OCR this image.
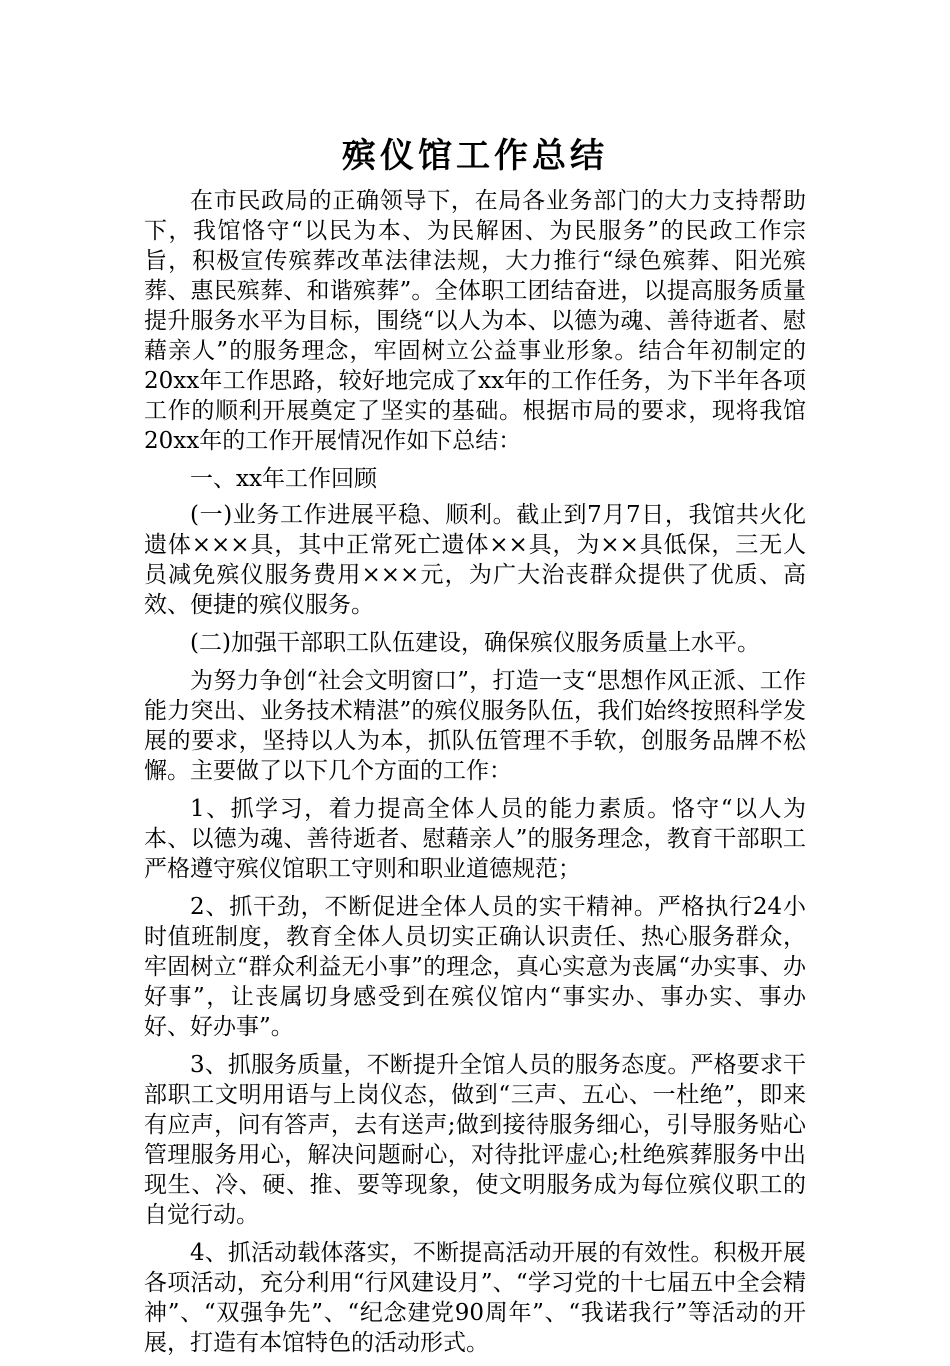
殡仪馆工作总结

在市民政局的正确领导下，在局各业务部门的大力支持帮助下，我馆恪守“以民为本、为民解困、为民服务”的民政工作宗旨，积极宣传殡葬改革法律法规，大力推行“绿色殡葬、阳光殡葬、惠民殡葬、和谐殡葬”。全体职工团结奋进，以提高服务质量提升服务水平为目标，围绕“以人为本、以德为魂、善待逝者、慰藉亲人”的服务理念，牢固树立公益事业形象。结合年初制定的20xx年工作思路，较好地完成了xx年的工作任务，为下半年各项工作的顺利开展奠定了坚实的基础。根据市局的要求，现将我馆20xx年的工作开展情况作如下总结：

一、xx年工作回顾

(一)业务工作进展平稳、顺利。截止到7月7日，我馆共火化遗体×××具，其中正常死亡遗体××具，为××具低保，三无人员减免殡仪服务费用×××元，为广大治丧群众提供了优质、高效、便捷的殡仪服务。

(二)加强干部职工队伍建设，确保殡仪服务质量上水平。

为努力争创“社会文明窗口”，打造一支“思想作风正派、工作能力突出、业务技术精湛”的殡仪服务队伍，我们始终按照科学发展的要求，坚持以人为本，抓队伍管理不手软，创服务品牌不松懈。主要做了以下几个方面的工作：

1、抓学习，着力提高全体人员的能力素质。恪守“以人为本、以德为魂、善待逝者、慰藉亲人”的服务理念，教育干部职工严格遵守殡仪馆职工守则和职业道德规范；

2、抓干劲，不断促进全体人员的实干精神。严格执行24小时值班制度，教育全体人员切实正确认识责任、热心服务群众，牢固树立“群众利益无小事”的理念，真心实意为丧属“办实事、办好事”，让丧属切身感受到在殡仪馆内“事实办、事办实、事办好、好办事”。

3、抓服务质量，不断提升全馆人员的服务态度。严格要求干部职工文明用语与上岗仪态，做到“三声、五心、一杜绝”，即来有应声，问有答声，去有送声;做到接待服务细心，引导服务贴心管理服务用心，解决问题耐心，对待批评虚心;杜绝殡葬服务中出现生、冷、硬、推、要等现象，使文明服务成为每位殡仪职工的自觉行动。

4、抓活动载体落实，不断提高活动开展的有效性。积极开展各项活动，充分利用“行风建设月”、“学习党的十七届五中全会精神”、“双强争先”、“纪念建党90周年”、“我诺我行”等活动的开展，打造有本馆特色的活动形式。
